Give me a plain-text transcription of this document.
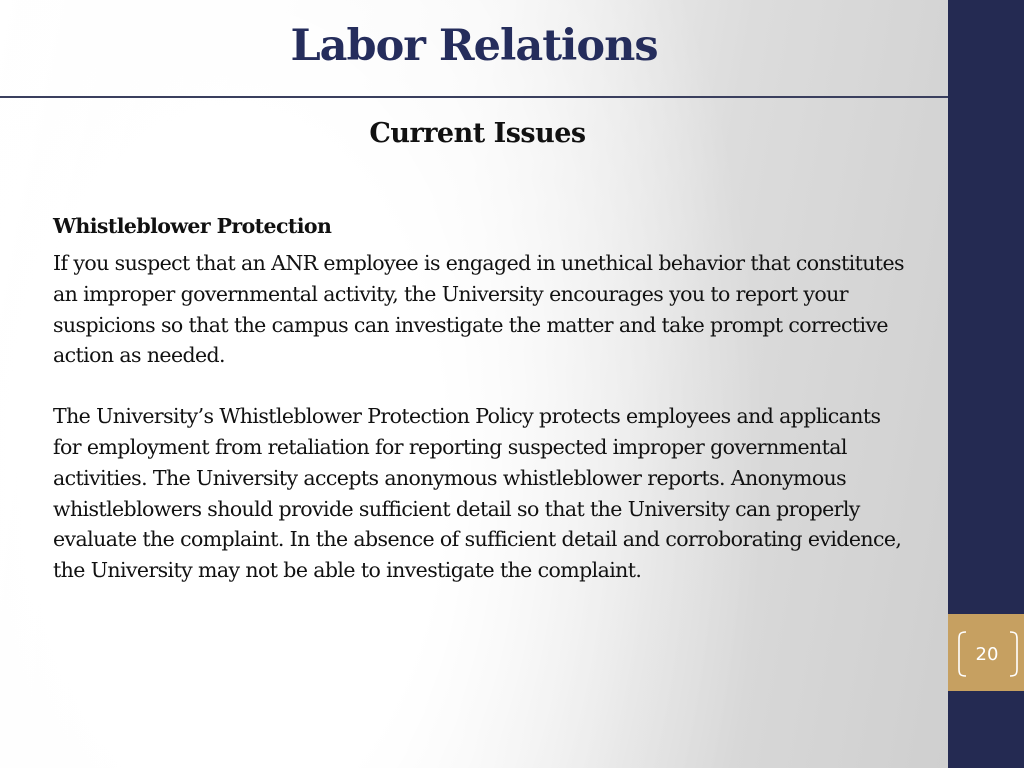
Labor Relations
Current Issues
Whistleblower Protection

If you suspect that an ANR employee is engaged in unethical behavior that constitutes an improper governmental activity, the University encourages you to report your suspicions so that the campus can investigate the matter and take prompt corrective action as needed.

The University’s Whistleblower Protection Policy protects employees and applicants for employment from retaliation for reporting suspected improper governmental activities. The University accepts anonymous whistleblower reports. Anonymous whistleblowers should provide sufficient detail so that the University can properly evaluate the complaint. In the absence of sufficient detail and corroborating evidence, the University may not be able to investigate the complaint.

20
